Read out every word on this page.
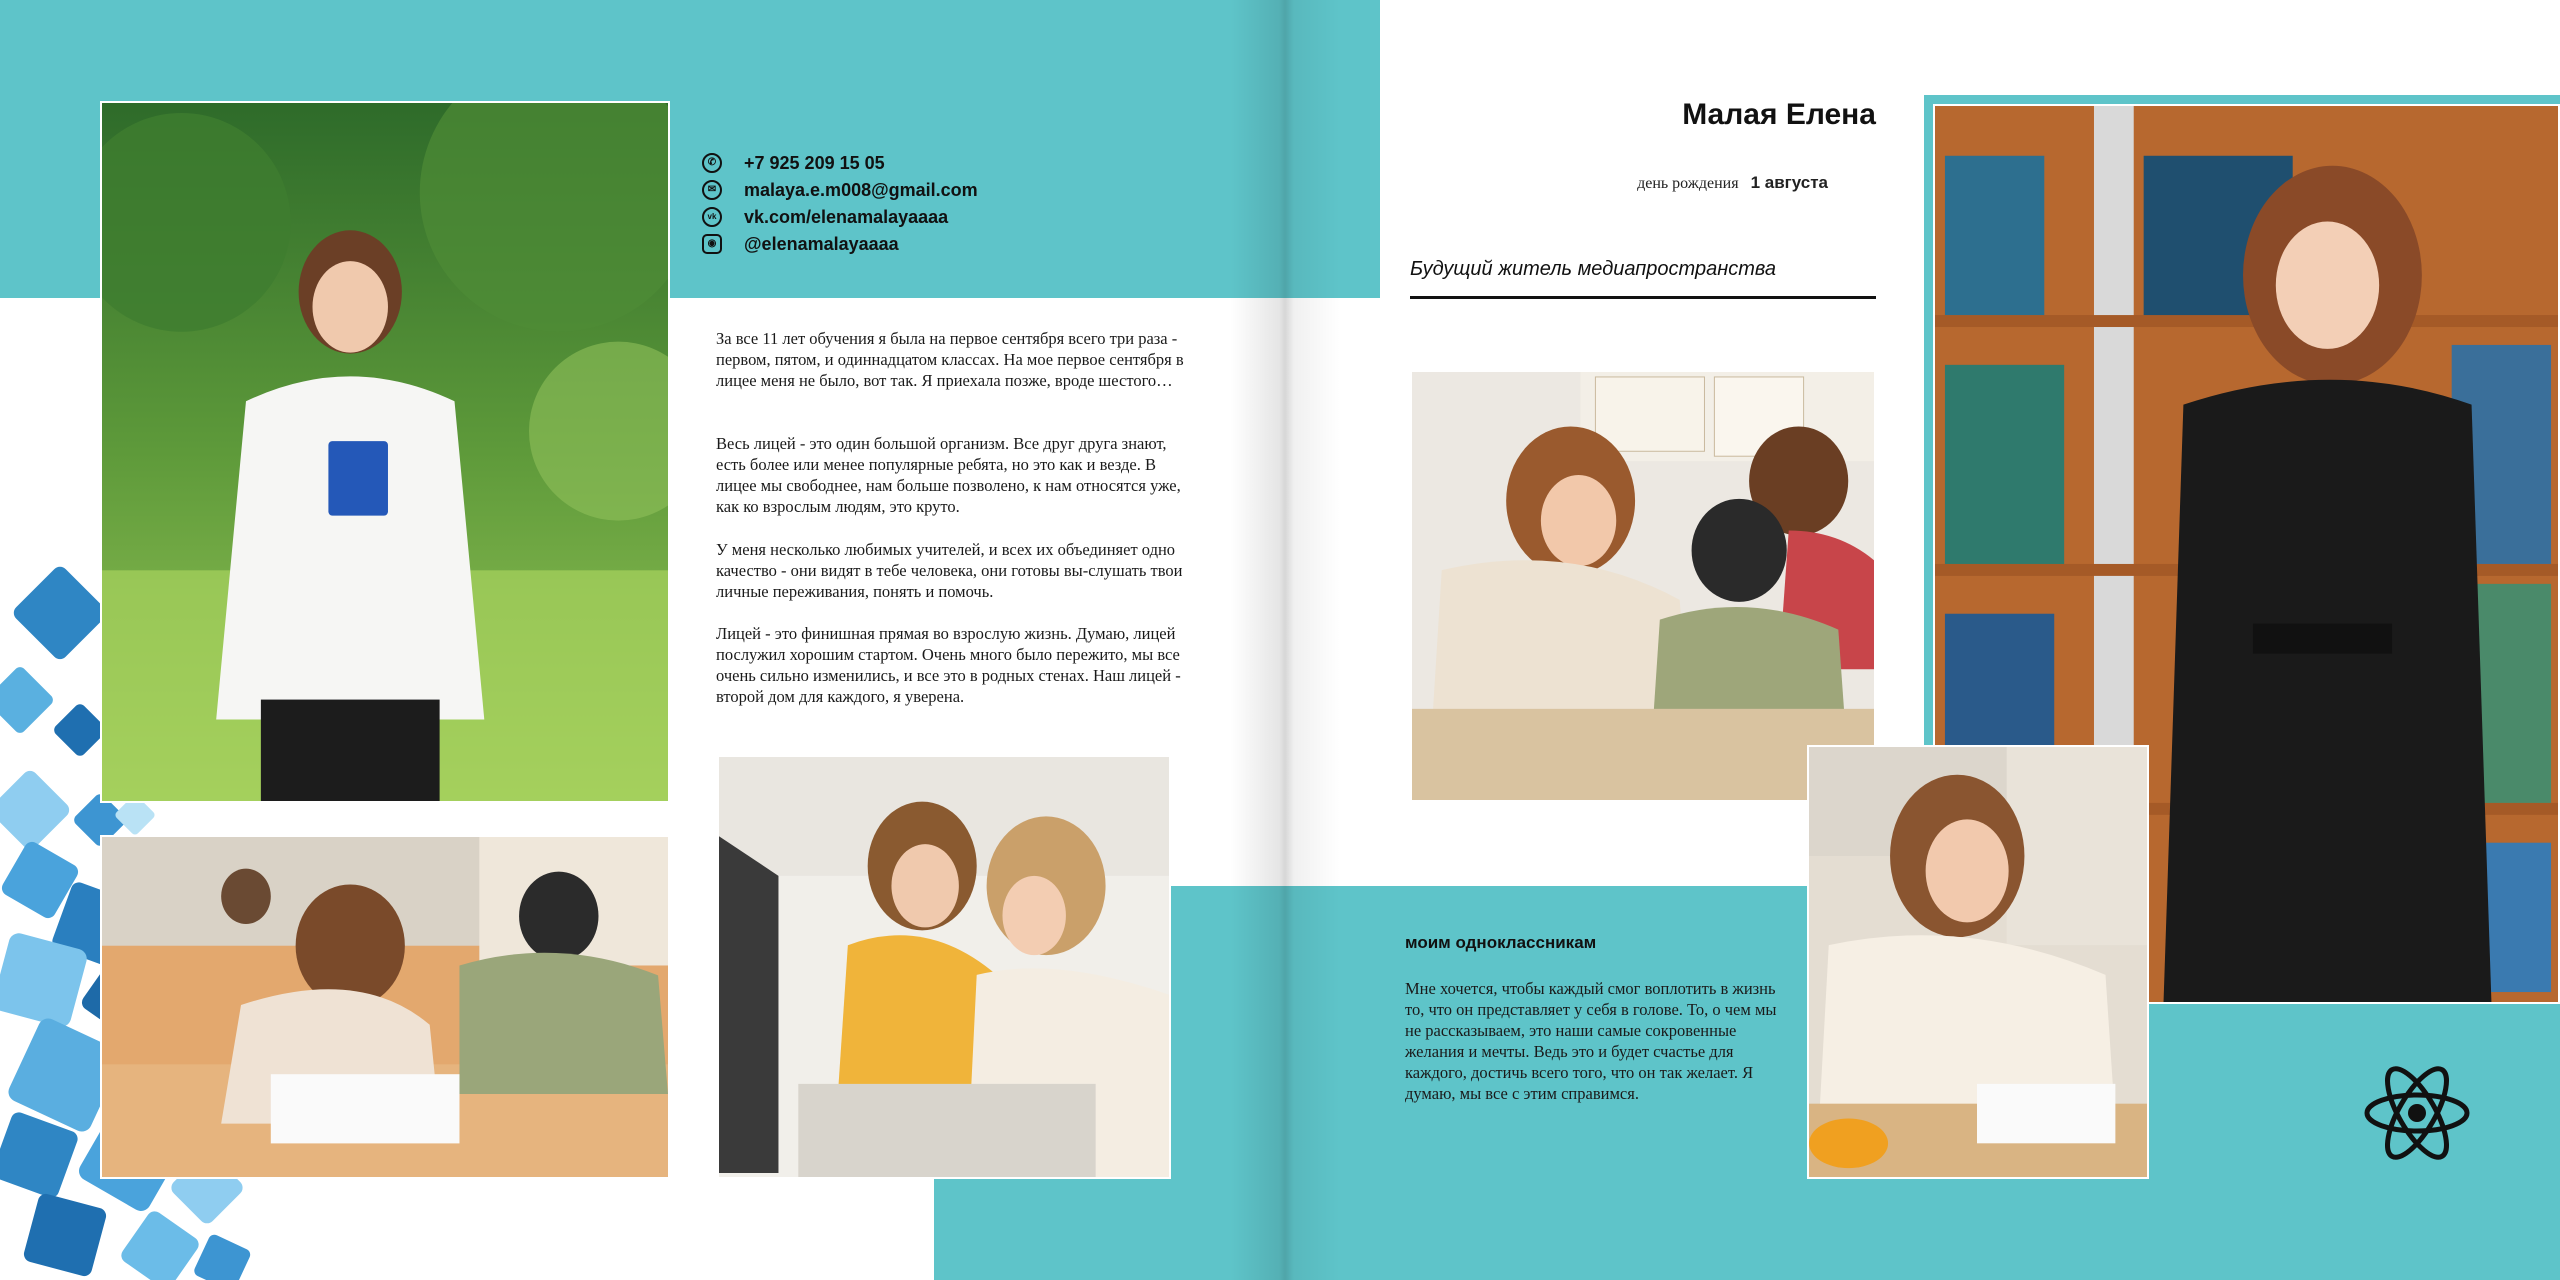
✆	+7 925 209 15 05
✉	malaya.e.m008@gmail.com
vk	vk.com/elenamalayaaaa
◉	@elenamalayaaaa

За все 11 лет обучения я была на первое сентября всего три раза - первом, пятом, и одиннадцатом классах. На мое первое сентября в лицее меня не было, вот так. Я приехала позже, вроде шестого…

Весь лицей - это один большой организм. Все друг друга знают, есть более или менее популярные ребята, но это как и везде. В лицее мы свободнее, нам больше позволено, к нам относятся уже, как ко взрослым людям, это круто.

У меня несколько любимых учителей, и всех их объединяет одно качество - они видят в тебе человека, они готовы вы-слушать твои личные переживания, понять и помочь.

Лицей - это финишная прямая во взрослую жизнь. Думаю, лицей послужил хорошим стартом. Очень много было пережито, мы все очень сильно изменились, и все это в родных стенах. Наш лицей - второй дом для каждого, я уверена.

Малая Елена
день рождения 1 августа
Будущий житель медиапространства
моим одноклассникам

Мне хочется, чтобы каждый смог воплотить в жизнь то, что он представляет у себя в голове. То, о чем мы не рассказываем, это наши самые сокровенные желания и мечты. Ведь это и будет счастье для каждого, достичь всего того, что он так желает. Я думаю, мы все с этим справимся.
